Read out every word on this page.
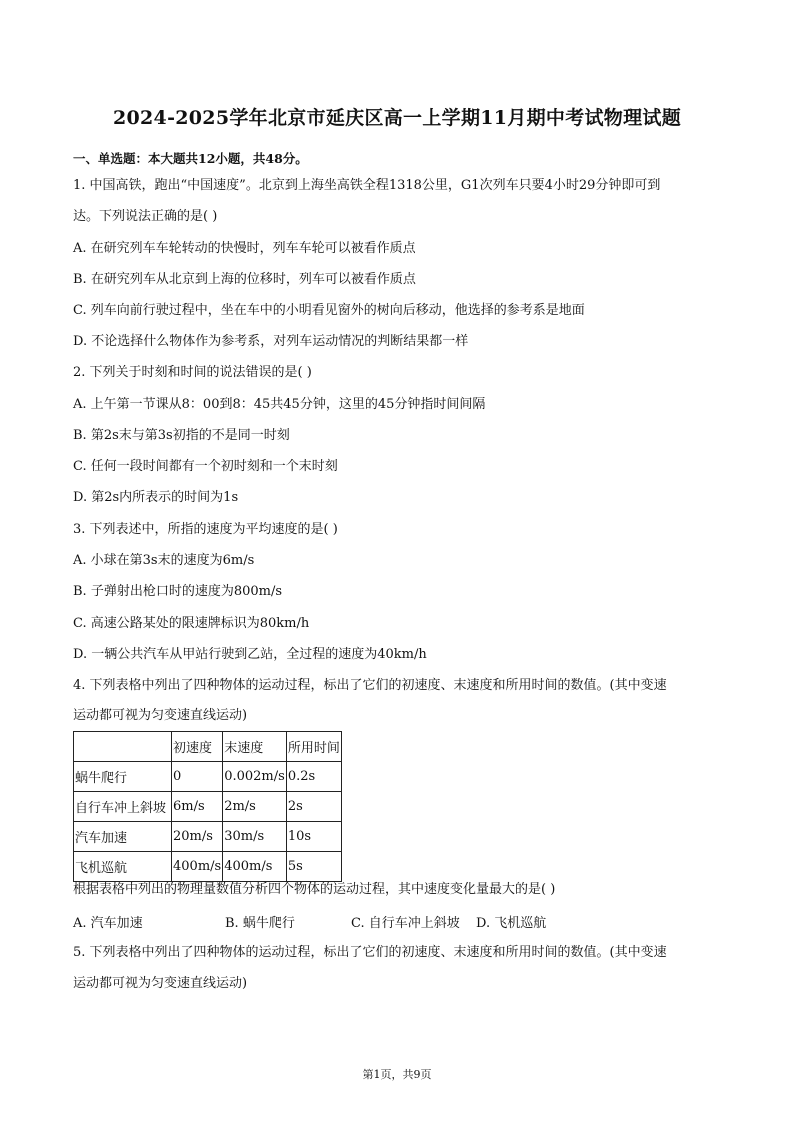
2024-2025学年北京市延庆区高一上学期11月期中考试物理试题
一、单选题：本大题共12小题，共48分。
1. 中国高铁，跑出“中国速度”。北京到上海坐高铁全程1318公里，G1次列车只要4小时29分钟即可到
达。下列说法正确的是( )
A. 在研究列车车轮转动的快慢时，列车车轮可以被看作质点
B. 在研究列车从北京到上海的位移时，列车可以被看作质点
C. 列车向前行驶过程中，坐在车中的小明看见窗外的树向后移动，他选择的参考系是地面
D. 不论选择什么物体作为参考系，对列车运动情况的判断结果都一样
2. 下列关于时刻和时间的说法错误的是( )
A. 上午第一节课从8：00到8：45共45分钟，这里的45分钟指时间间隔
B. 第2s末与第3s初指的不是同一时刻
C. 任何一段时间都有一个初时刻和一个末时刻
D. 第2s内所表示的时间为1s
3. 下列表述中，所指的速度为平均速度的是( )
A. 小球在第3s末的速度为6m/s
B. 子弹射出枪口时的速度为800m/s
C. 高速公路某处的限速牌标识为80km/h
D. 一辆公共汽车从甲站行驶到乙站，全过程的速度为40km/h
4. 下列表格中列出了四种物体的运动过程，标出了它们的初速度、末速度和所用时间的数值。(其中变速
运动都可视为匀变速直线运动)
	初速度	末速度	所用时间
蜗牛爬行	0	0.002m/s	0.2s
自行车冲上斜坡	6m/s	2m/s	2s
汽车加速	20m/s	30m/s	10s
飞机巡航	400m/s	400m/s	5s
根据表格中列出的物理量数值分析四个物体的运动过程，其中速度变化量最大的是( )
A. 汽车加速	B. 蜗牛爬行	C. 自行车冲上斜坡 D. 飞机巡航
5. 下列表格中列出了四种物体的运动过程，标出了它们的初速度、末速度和所用时间的数值。(其中变速
运动都可视为匀变速直线运动)
第1页，共9页
